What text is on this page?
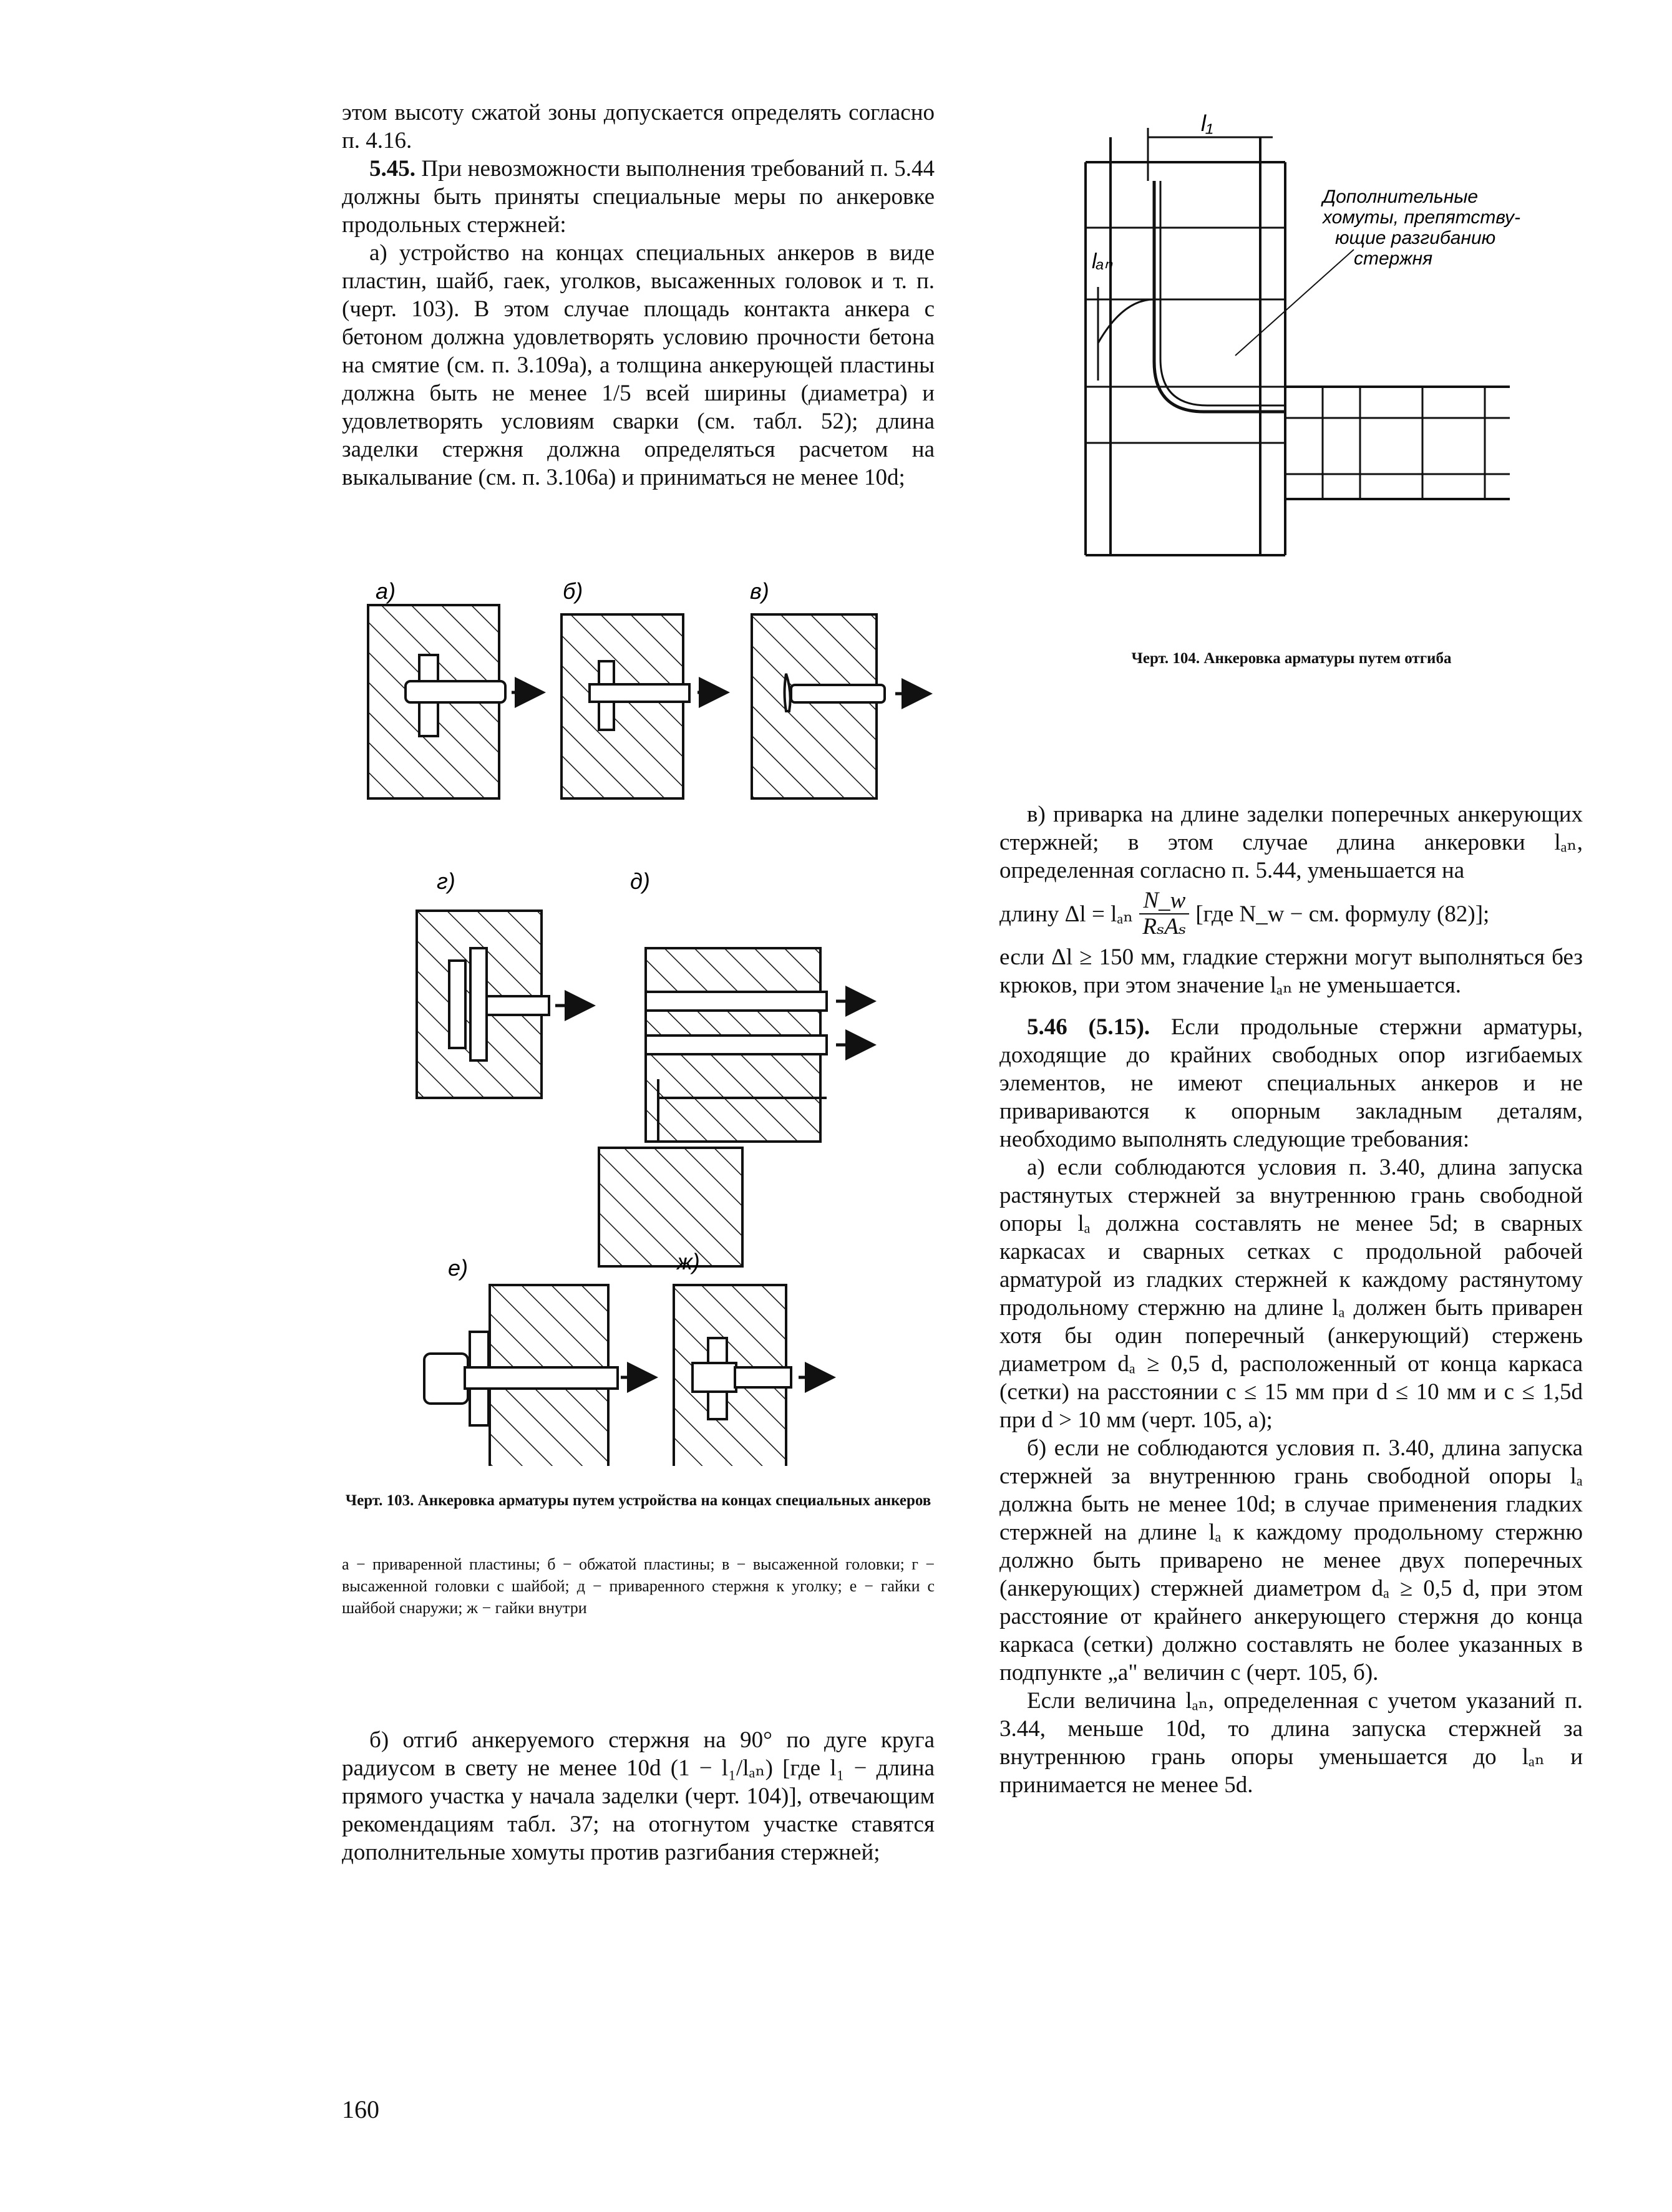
этом высоту сжатой зоны допускается определять согласно п. 4.16.

5.45. При невозможности выполнения требований п. 5.44 должны быть приняты специальные меры по анкеровке продольных стержней:

а) устройство на концах специальных анкеров в виде пластин, шайб, гаек, уголков, высаженных головок и т. п. (черт. 103). В этом случае площадь контакта анкера с бетоном должна удовлетворять условию прочности бетона на смятие (см. п. 3.109а), а толщина анкерующей пластины должна быть не менее 1/5 всей ширины (диаметра) и удовлетворять условиям сварки (см. табл. 52); длина заделки стержня должна определяться расчетом на выкалывание (см. п. 3.106а) и приниматься не менее 10d;

а)	б)	в)
г)	д)
е)	ж)
Черт. 103. Анкеровка арматуры путем устройства на концах специальных анкеров
а − приваренной пластины; б − обжатой пластины; в − высаженной головки; г − высаженной головки с шайбой; д − приваренного стержня к уголку; е − гайки с шайбой снаружи; ж − гайки внутри

б) отгиб анкеруемого стержня на 90° по дуге круга радиусом в свету не менее 10d (1 − l₁/lₐₙ) [где l₁ − длина прямого участка у начала заделки (черт. 104)], отвечающим рекомендациям табл. 37; на отогнутом участке ставятся дополнительные хомуты против разгибания стержней;

l₁
lₐₙ
Дополнительные
хомуты, препятству-
ющие разгибанию
стержня
Черт. 104. Анкеровка арматуры путем отгиба

в) приварка на длине заделки поперечных анкерующих стержней; в этом случае длина анкеровки lₐₙ, определенная согласно п. 5.44, уменьшается на

длину Δl = lₐₙ $\frac{N\_w}{\text{RₛAₛ}} [где$ N_w − см. формулу (82)];

если Δl ≥ 150 мм, гладкие стержни могут выполняться без крюков, при этом значение lₐₙ не уменьшается.

5.46 (5.15). Если продольные стержни арматуры, доходящие до крайних свободных опор изгибаемых элементов, не имеют специальных анкеров и не привариваются к опорным закладным деталям, необходимо выполнять следующие требования:

а) если соблюдаются условия п. 3.40, длина запуска растянутых стержней за внутреннюю грань свободной опоры lₐ должна составлять не менее 5d; в сварных каркасах и сварных сетках с продольной рабочей арматурой из гладких стержней к каждому растянутому продольному стержню на длине lₐ должен быть приварен хотя бы один поперечный (анкерующий) стержень диаметром dₐ ≥ 0,5 d, расположенный от конца каркаса (сетки) на расстоянии c ≤ 15 мм при d ≤ 10 мм и c ≤ 1,5d при d > 10 мм (черт. 105, а);

б) если не соблюдаются условия п. 3.40, длина запуска стержней за внутреннюю грань свободной опоры lₐ должна быть не менее 10d; в случае применения гладких стержней на длине lₐ к каждому продольному стержню должно быть приварено не менее двух поперечных (анкерующих) стержней диаметром dₐ ≥ 0,5 d, при этом расстояние от крайнего анкерующего стержня до конца каркаса (сетки) должно составлять не более указанных в подпункте „а" величин c (черт. 105, б).

Если величина lₐₙ, определенная с учетом указаний п. 3.44, меньше 10d, то длина запуска стержней за внутреннюю грань опоры уменьшается до lₐₙ и принимается не менее 5d.

160
